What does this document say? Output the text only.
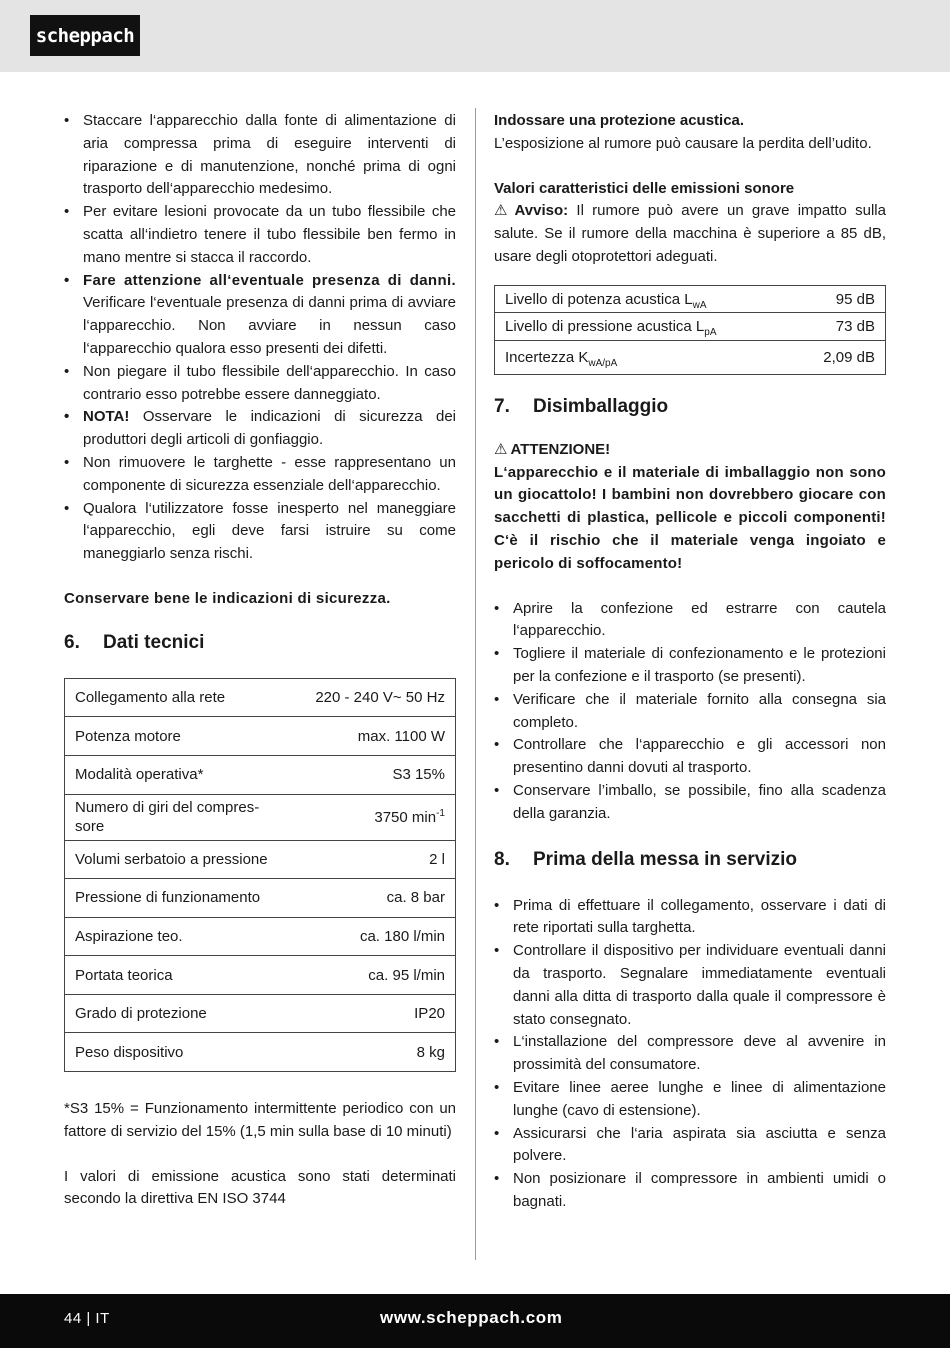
scheppach
• Staccare l‘apparecchio dalla fonte di alimentazione di aria compressa prima di eseguire interventi di riparazione e di manutenzione, nonché prima di ogni trasporto dell‘apparecchio medesimo.
• Per evitare lesioni provocate da un tubo flessibile che scatta all‘indietro tenere il tubo flessibile ben fermo in mano mentre si stacca il raccordo.
• Fare attenzione all‘eventuale presenza di danni. Verificare l‘eventuale presenza di danni prima di avviare l‘apparecchio. Non avviare in nessun caso l‘apparecchio qualora esso presenti dei difetti.
• Non piegare il tubo flessibile dell‘apparecchio. In caso contrario esso potrebbe essere danneggiato.
• NOTA! Osservare le indicazioni di sicurezza dei produttori degli articoli di gonfiaggio.
• Non rimuovere le targhette - esse rappresentano un componente di sicurezza essenziale dell‘apparecchio.
• Qualora l‘utilizzatore fosse inesperto nel maneggiare l‘apparecchio, egli deve farsi istruire su come maneggiarlo senza rischi.

Conservare bene le indicazioni di sicurezza.

6.	Dati tecnici
Collegamento alla rete	220 - 240 V~ 50 Hz
Potenza motore	max. 1100 W
Modalità operativa*	S3 15%
Numero di giri del compres-sore	3750 $\min^{-1}$
Volumi serbatoio a pressione	2 l
Pressione di funzionamento	ca. 8 bar
Aspirazione teo.	ca. 180 l/min
Portata teorica	ca. 95 l/min
Grado di protezione	IP20
Peso dispositivo	8 kg

*S3 15% = Funzionamento intermittente periodico con un fattore di servizio del 15% (1,5 min sulla base di 10 minuti)

I valori di emissione acustica sono stati determinati secondo la direttiva EN ISO 3744

Indossare una protezione acustica.

L’esposizione al rumore può causare la perdita dell’udito.

Valori caratteristici delle emissioni sonore

⚠ Avviso: Il rumore può avere un grave impatto sulla salute. Se il rumore della macchina è superiore a 85 dB, usare degli otoprotettori adeguati.

Livello di potenza acustica $L_{wA}$	95 dB
Livello di pressione acustica $L_{pA}$	73 dB
Incertezza $K_{wA/pA}$	2,09 dB
7.	Disimballaggio

⚠ ATTENZIONE!

L‘apparecchio e il materiale di imballaggio non sono un giocattolo! I bambini non dovrebbero giocare con sacchetti di plastica, pellicole e piccoli componenti! C‘è il rischio che il materiale venga ingoiato e pericolo di soffocamento!

• Aprire la confezione ed estrarre con cautela l‘apparecchio.
• Togliere il materiale di confezionamento e le protezioni per la confezione e il trasporto (se presenti).
• Verificare che il materiale fornito alla consegna sia completo.
• Controllare che l‘apparecchio e gli accessori non presentino danni dovuti al trasporto.
• Conservare l’imballo, se possibile, fino alla scadenza della garanzia.
8.	Prima della messa in servizio
• Prima di effettuare il collegamento, osservare i dati di rete riportati sulla targhetta.
• Controllare il dispositivo per individuare eventuali danni da trasporto. Segnalare immediatamente eventuali danni alla ditta di trasporto dalla quale il compressore è stato consegnato.
• L‘installazione del compressore deve al avvenire in prossimità del consumatore.
• Evitare linee aeree lunghe e linee di alimentazione lunghe (cavo di estensione).
• Assicurarsi che l‘aria aspirata sia asciutta e senza polvere.
• Non posizionare il compressore in ambienti umidi o bagnati.
44 | IT	www.scheppach.com
